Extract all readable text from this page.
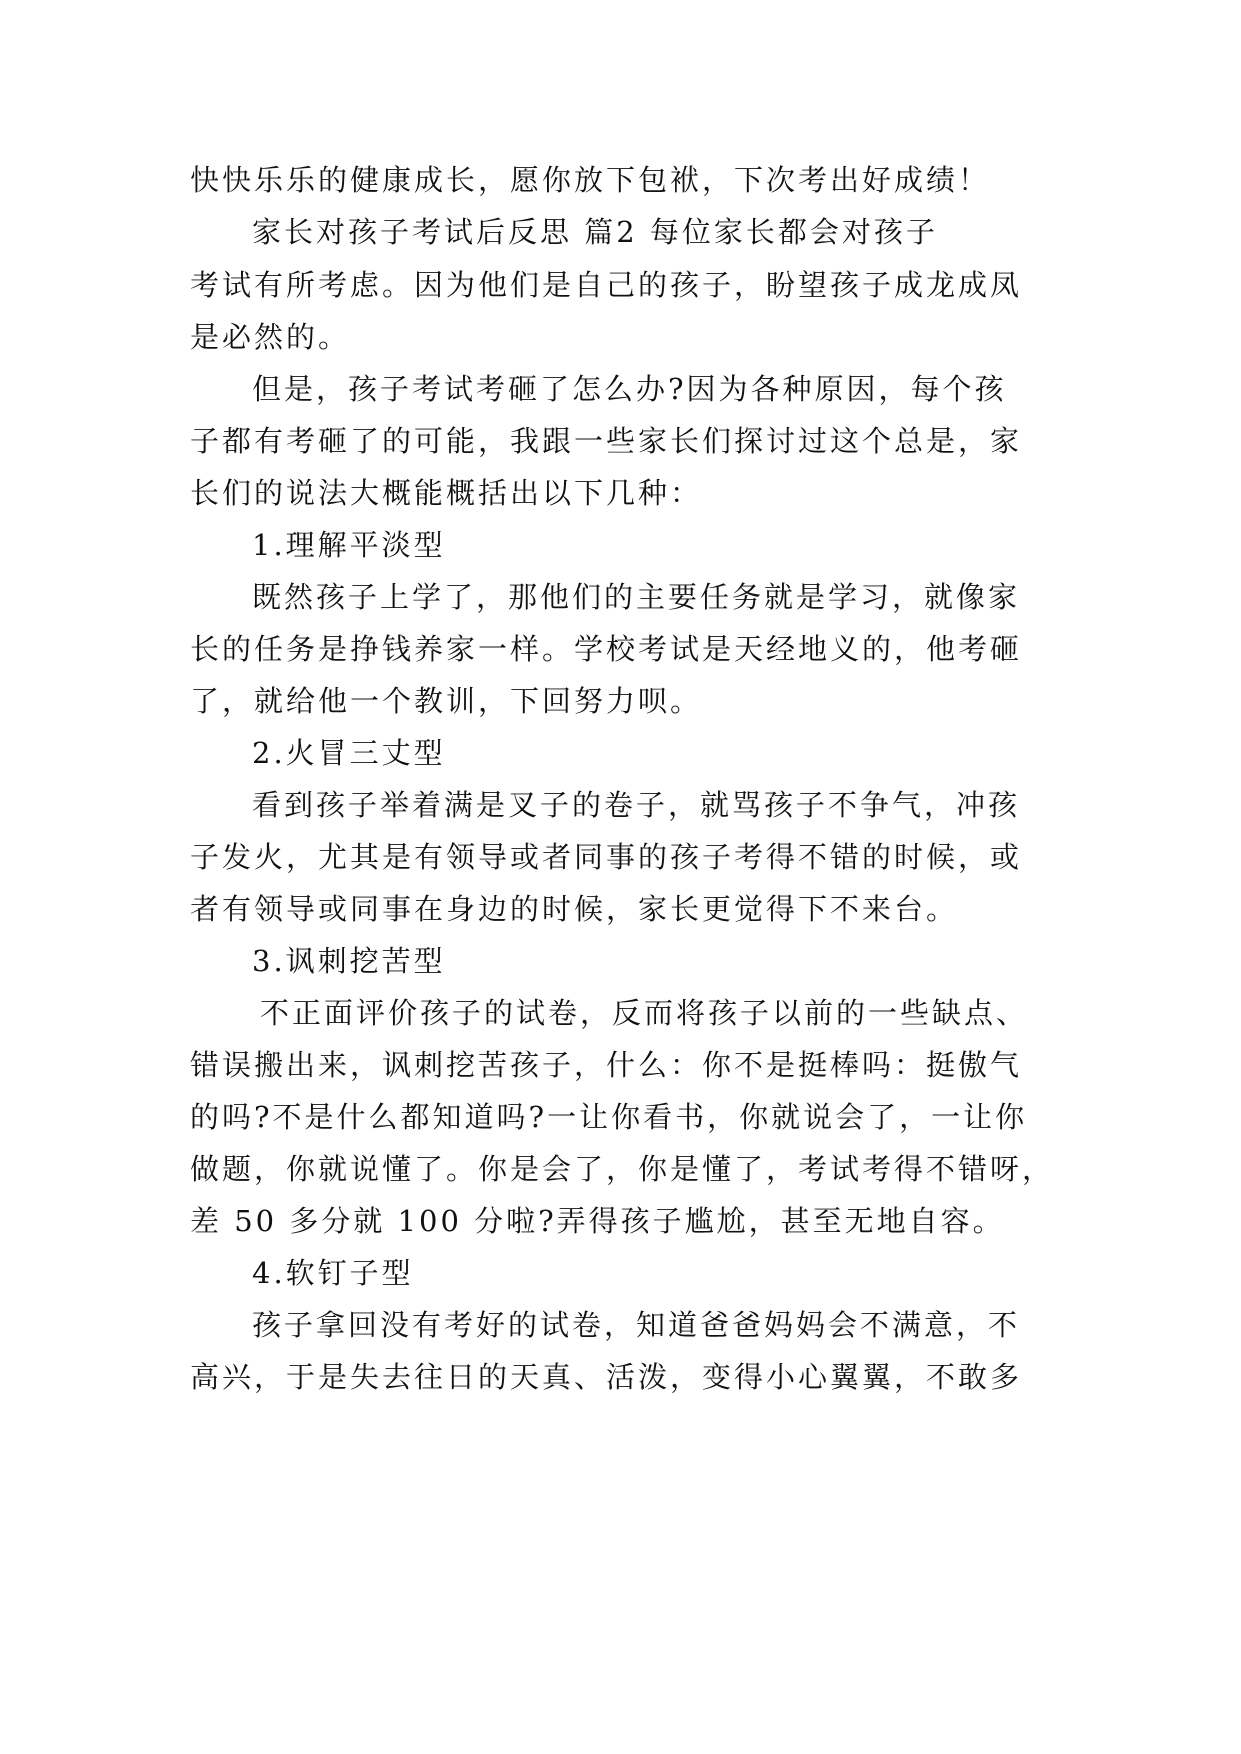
快快乐乐的健康成长，愿你放下包袱，下次考出好成绩！
家长对孩子考试后反思 篇2 每位家长都会对孩子
考试有所考虑。因为他们是自己的孩子，盼望孩子成龙成凤
是必然的。
但是，孩子考试考砸了怎么办?因为各种原因，每个孩
子都有考砸了的可能，我跟一些家长们探讨过这个总是，家
长们的说法大概能概括出以下几种：
1.理解平淡型
既然孩子上学了，那他们的主要任务就是学习，就像家
长的任务是挣钱养家一样。学校考试是天经地义的，他考砸
了，就给他一个教训，下回努力呗。
2.火冒三丈型
看到孩子举着满是叉子的卷子，就骂孩子不争气，冲孩
子发火，尤其是有领导或者同事的孩子考得不错的时候，或
者有领导或同事在身边的时候，家长更觉得下不来台。
3.讽刺挖苦型
不正面评价孩子的试卷，反而将孩子以前的一些缺点、
错误搬出来，讽刺挖苦孩子，什么：你不是挺棒吗：挺傲气
的吗?不是什么都知道吗?一让你看书，你就说会了，一让你
做题，你就说懂了。你是会了，你是懂了，考试考得不错呀，
差 50 多分就 100 分啦?弄得孩子尴尬，甚至无地自容。
4.软钉子型
孩子拿回没有考好的试卷，知道爸爸妈妈会不满意，不
高兴，于是失去往日的天真、活泼，变得小心翼翼，不敢多
